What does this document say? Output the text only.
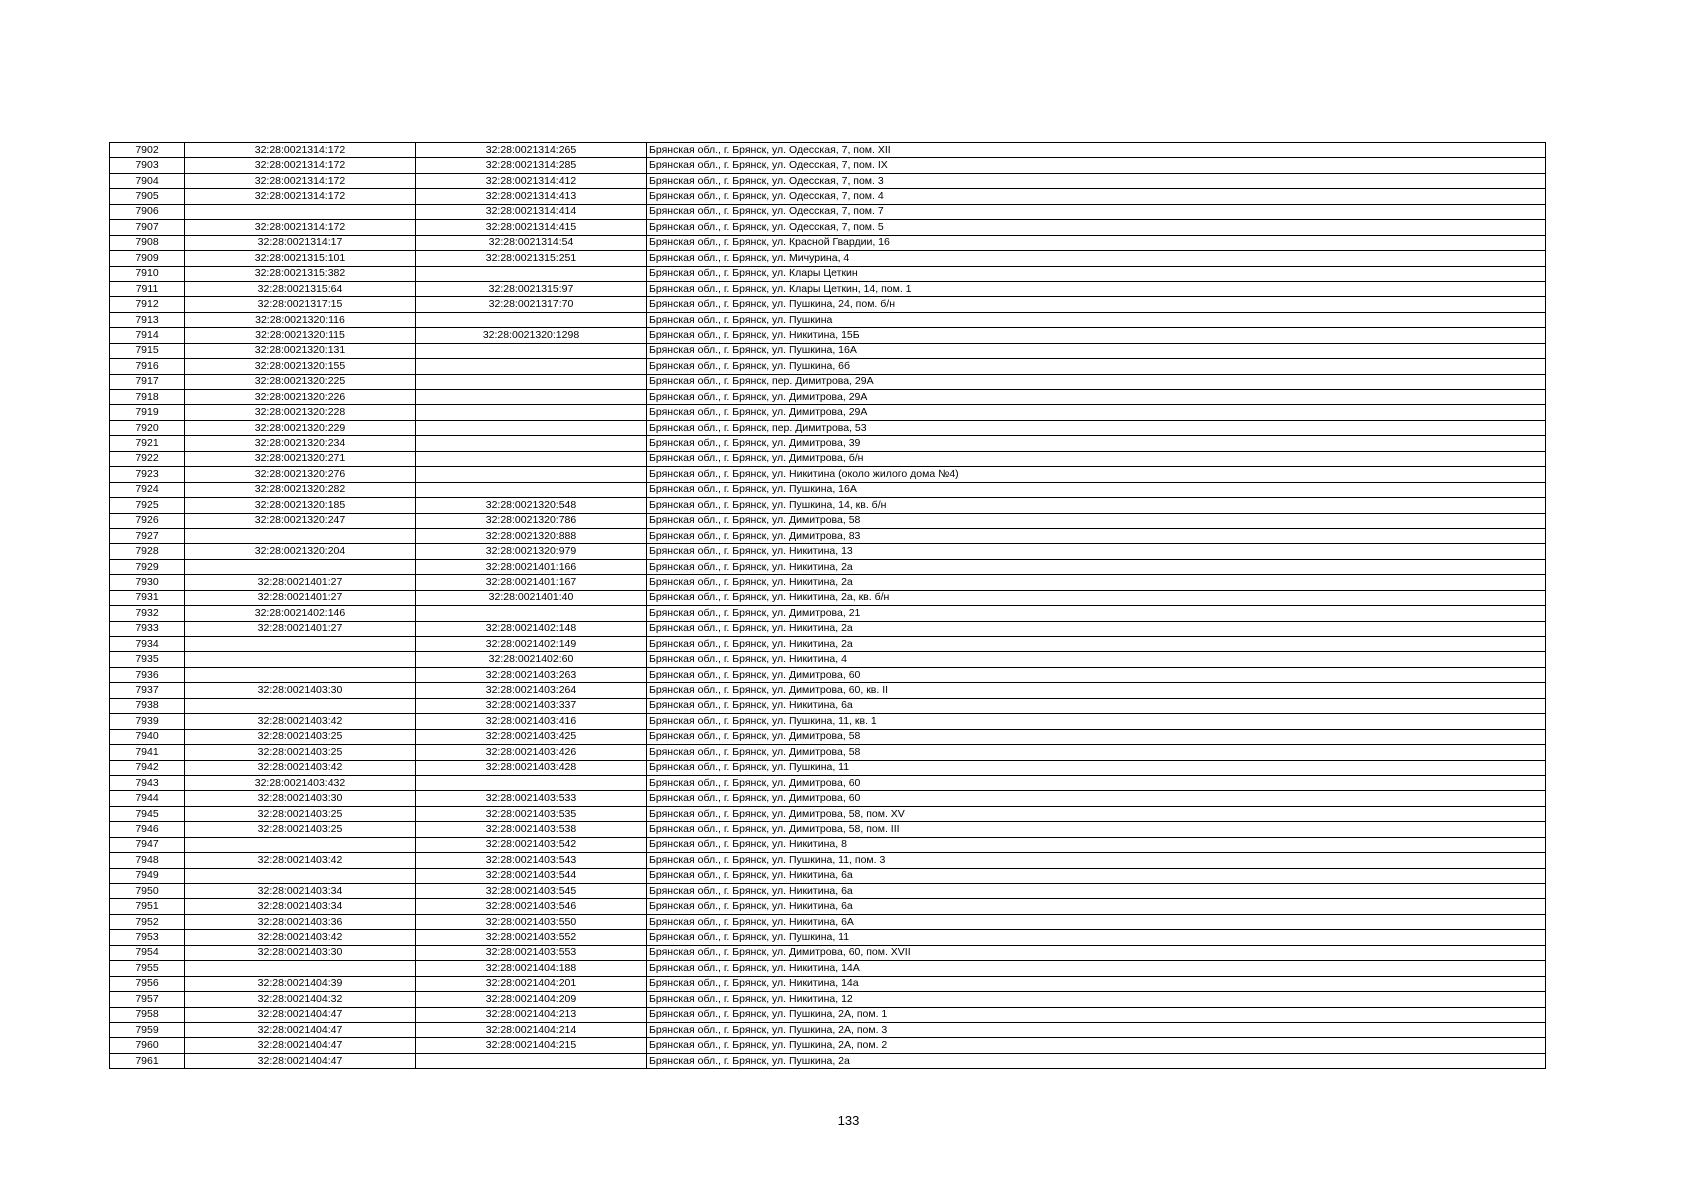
7902	32:28:0021314:172	32:28:0021314:265	Брянская обл., г. Брянск, ул. Одесская, 7, пом. XII
7903	32:28:0021314:172	32:28:0021314:285	Брянская обл., г. Брянск, ул. Одесская, 7, пом. IX
7904	32:28:0021314:172	32:28:0021314:412	Брянская обл., г. Брянск, ул. Одесская, 7, пом. 3
7905	32:28:0021314:172	32:28:0021314:413	Брянская обл., г. Брянск, ул. Одесская, 7, пом. 4
7906		32:28:0021314:414	Брянская обл., г. Брянск, ул. Одесская, 7, пом. 7
7907	32:28:0021314:172	32:28:0021314:415	Брянская обл., г. Брянск, ул. Одесская, 7, пом. 5
7908	32:28:0021314:17	32:28:0021314:54	Брянская обл., г. Брянск, ул. Красной Гвардии, 16
7909	32:28:0021315:101	32:28:0021315:251	Брянская обл., г. Брянск, ул. Мичурина, 4
7910	32:28:0021315:382		Брянская обл., г. Брянск, ул. Клары Цеткин
7911	32:28:0021315:64	32:28:0021315:97	Брянская обл., г. Брянск, ул. Клары Цеткин, 14, пом. 1
7912	32:28:0021317:15	32:28:0021317:70	Брянская обл., г. Брянск, ул. Пушкина, 24, пом. б/н
7913	32:28:0021320:116		Брянская обл., г. Брянск, ул. Пушкина
7914	32:28:0021320:115	32:28:0021320:1298	Брянская обл., г. Брянск, ул. Никитина, 15Б
7915	32:28:0021320:131		Брянская обл., г. Брянск, ул. Пушкина, 16А
7916	32:28:0021320:155		Брянская обл., г. Брянск, ул. Пушкина, 6б
7917	32:28:0021320:225		Брянская обл., г. Брянск, пер. Димитрова, 29А
7918	32:28:0021320:226		Брянская обл., г. Брянск, ул. Димитрова, 29А
7919	32:28:0021320:228		Брянская обл., г. Брянск, ул. Димитрова, 29А
7920	32:28:0021320:229		Брянская обл., г. Брянск, пер. Димитрова, 53
7921	32:28:0021320:234		Брянская обл., г. Брянск, ул. Димитрова, 39
7922	32:28:0021320:271		Брянская обл., г. Брянск, ул. Димитрова, б/н
7923	32:28:0021320:276		Брянская обл., г. Брянск, ул. Никитина (около жилого дома №4)
7924	32:28:0021320:282		Брянская обл., г. Брянск, ул. Пушкина, 16А
7925	32:28:0021320:185	32:28:0021320:548	Брянская обл., г. Брянск, ул. Пушкина, 14, кв. б/н
7926	32:28:0021320:247	32:28:0021320:786	Брянская обл., г. Брянск, ул. Димитрова, 58
7927		32:28:0021320:888	Брянская обл., г. Брянск, ул. Димитрова, 83
7928	32:28:0021320:204	32:28:0021320:979	Брянская обл., г. Брянск, ул. Никитина, 13
7929		32:28:0021401:166	Брянская обл., г. Брянск, ул. Никитина, 2а
7930	32:28:0021401:27	32:28:0021401:167	Брянская обл., г. Брянск, ул. Никитина, 2а
7931	32:28:0021401:27	32:28:0021401:40	Брянская обл., г. Брянск, ул. Никитина, 2а, кв. б/н
7932	32:28:0021402:146		Брянская обл., г. Брянск, ул. Димитрова, 21
7933	32:28:0021401:27	32:28:0021402:148	Брянская обл., г. Брянск, ул. Никитина, 2а
7934		32:28:0021402:149	Брянская обл., г. Брянск, ул. Никитина, 2а
7935		32:28:0021402:60	Брянская обл., г. Брянск, ул. Никитина, 4
7936		32:28:0021403:263	Брянская обл., г. Брянск, ул. Димитрова, 60
7937	32:28:0021403:30	32:28:0021403:264	Брянская обл., г. Брянск, ул. Димитрова, 60, кв. II
7938		32:28:0021403:337	Брянская обл., г. Брянск, ул. Никитина, 6а
7939	32:28:0021403:42	32:28:0021403:416	Брянская обл., г. Брянск, ул. Пушкина, 11, кв. 1
7940	32:28:0021403:25	32:28:0021403:425	Брянская обл., г. Брянск, ул. Димитрова, 58
7941	32:28:0021403:25	32:28:0021403:426	Брянская обл., г. Брянск, ул. Димитрова, 58
7942	32:28:0021403:42	32:28:0021403:428	Брянская обл., г. Брянск, ул. Пушкина, 11
7943	32:28:0021403:432		Брянская обл., г. Брянск, ул. Димитрова, 60
7944	32:28:0021403:30	32:28:0021403:533	Брянская обл., г. Брянск, ул. Димитрова, 60
7945	32:28:0021403:25	32:28:0021403:535	Брянская обл., г. Брянск, ул. Димитрова, 58, пом. XV
7946	32:28:0021403:25	32:28:0021403:538	Брянская обл., г. Брянск, ул. Димитрова, 58, пом. III
7947		32:28:0021403:542	Брянская обл., г. Брянск, ул. Никитина, 8
7948	32:28:0021403:42	32:28:0021403:543	Брянская обл., г. Брянск, ул. Пушкина, 11, пом. 3
7949		32:28:0021403:544	Брянская обл., г. Брянск, ул. Никитина, 6а
7950	32:28:0021403:34	32:28:0021403:545	Брянская обл., г. Брянск, ул. Никитина, 6а
7951	32:28:0021403:34	32:28:0021403:546	Брянская обл., г. Брянск, ул. Никитина, 6а
7952	32:28:0021403:36	32:28:0021403:550	Брянская обл., г. Брянск, ул. Никитина, 6А
7953	32:28:0021403:42	32:28:0021403:552	Брянская обл., г. Брянск, ул. Пушкина, 11
7954	32:28:0021403:30	32:28:0021403:553	Брянская обл., г. Брянск, ул. Димитрова, 60, пом. XVII
7955		32:28:0021404:188	Брянская обл., г. Брянск, ул. Никитина, 14А
7956	32:28:0021404:39	32:28:0021404:201	Брянская обл., г. Брянск, ул. Никитина, 14а
7957	32:28:0021404:32	32:28:0021404:209	Брянская обл., г. Брянск, ул. Никитина, 12
7958	32:28:0021404:47	32:28:0021404:213	Брянская обл., г. Брянск, ул. Пушкина, 2А, пом. 1
7959	32:28:0021404:47	32:28:0021404:214	Брянская обл., г. Брянск, ул. Пушкина, 2А, пом. 3
7960	32:28:0021404:47	32:28:0021404:215	Брянская обл., г. Брянск, ул. Пушкина, 2А, пом. 2
7961	32:28:0021404:47		Брянская обл., г. Брянск, ул. Пушкина, 2а
133
